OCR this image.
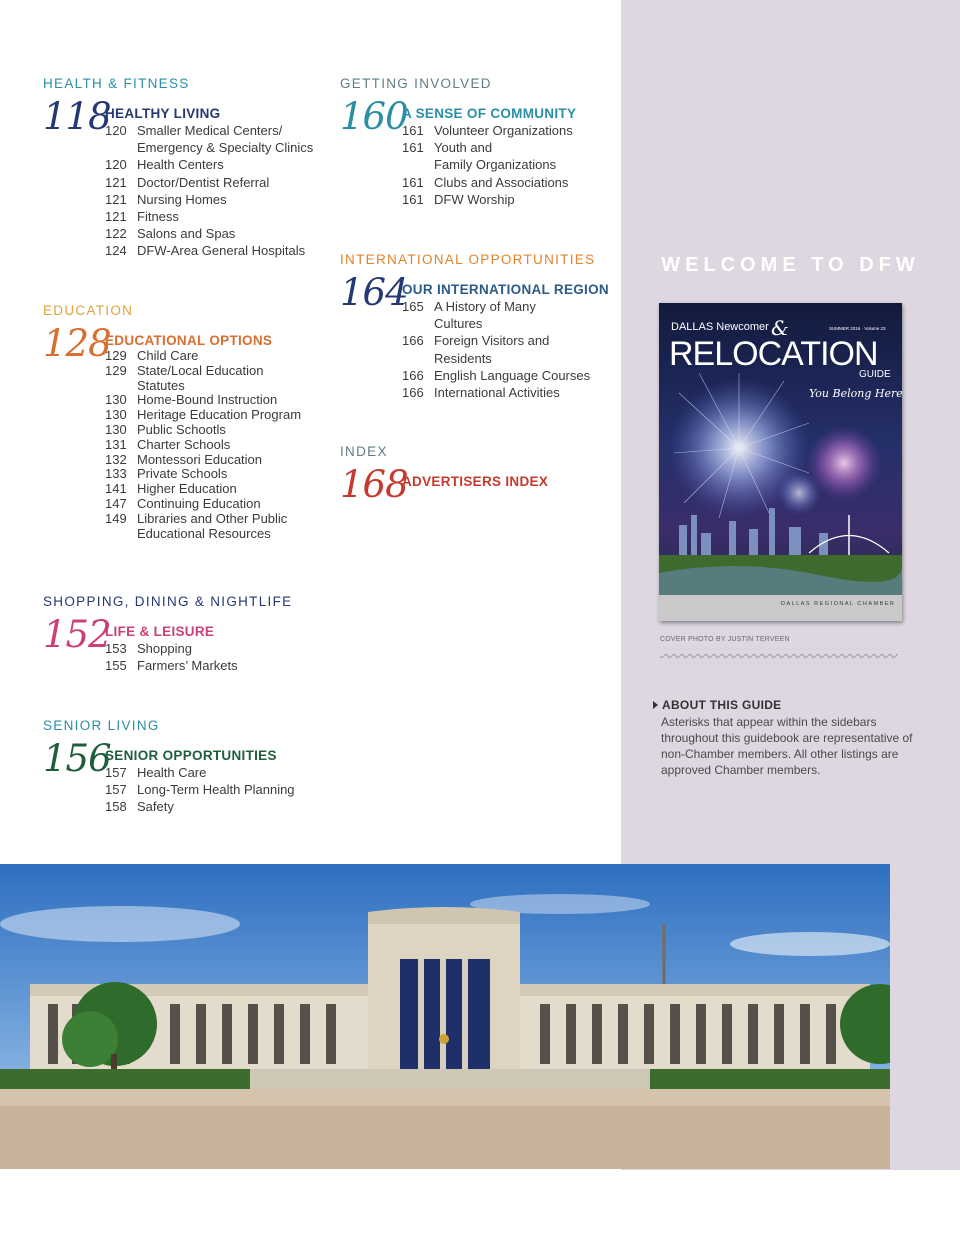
HEALTH & FITNESS
118
HEALTHY LIVING
120 Smaller Medical Centers/
Emergency & Specialty Clinics
120 Health Centers
121 Doctor/Dentist Referral
121 Nursing Homes
121 Fitness
122 Salons and Spas
124 DFW-Area General Hospitals
EDUCATION
128
EDUCATIONAL OPTIONS
129 Child Care
129 State/Local Education
Statutes
130 Home-Bound Instruction
130 Heritage Education Program
130 Public Schootls
131 Charter Schools
132 Montessori Education
133 Private Schools
141 Higher Education
147 Continuing Education
149 Libraries and Other Public
Educational Resources
SHOPPING, DINING & NIGHTLIFE
152
LIFE & LEISURE
153 Shopping
155 Farmers’ Markets
SENIOR LIVING
156
SENIOR OPPORTUNITIES
157 Health Care
157 Long-Term Health Planning
158 Safety
GETTING INVOLVED
160
A SENSE OF COMMUNITY
161 Volunteer Organizations
161 Youth and
Family Organizations
161 Clubs and Associations
161 DFW Worship
INTERNATIONAL OPPORTUNITIES
164
OUR INTERNATIONAL REGION
165 A History of Many
Cultures
166 Foreign Visitors and
Residents
166 English Language Courses
166 International Activities
INDEX
168
ADVERTISERS INDEX
WELCOME TO DFW
DALLAS Newcomer &
RELOCATION
GUIDE
You Belong Here.
SUMMER 2016 · Volume 23
DALLAS REGIONAL CHAMBER
COVER PHOTO BY JUSTIN TERVEEN
ABOUT THIS GUIDE
Asterisks that appear within the sidebars throughout this guidebook are representative of non-Chamber members. All other listings are approved Chamber members.
